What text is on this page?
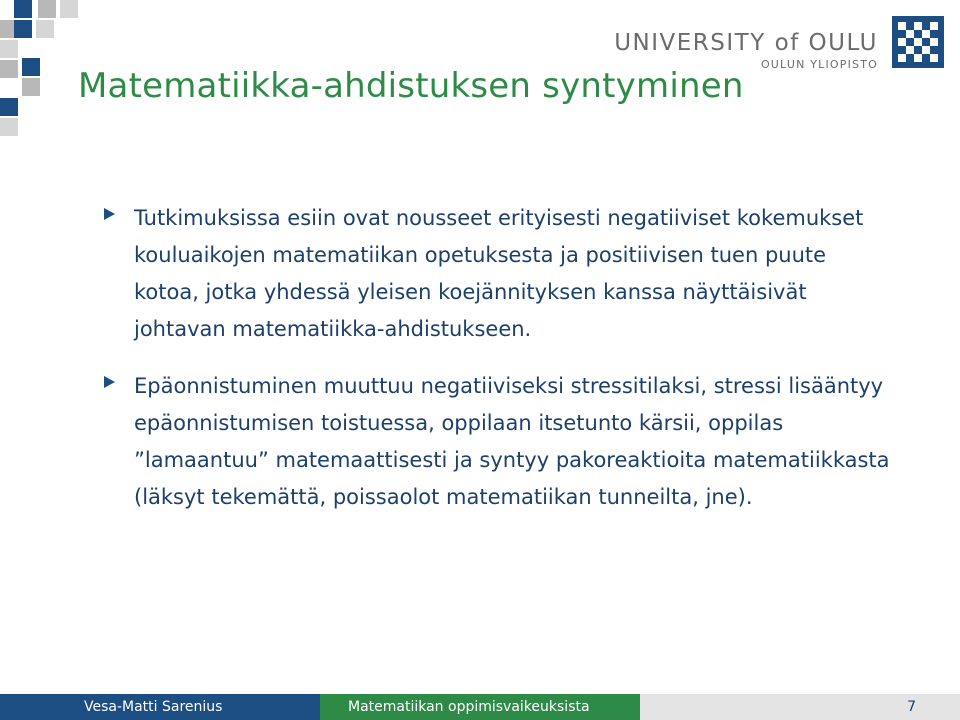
UNIVERSITY of OULU
OULUN YLIOPISTO
Matematiikka-ahdistuksen syntyminen
Tutkimuksissa esiin ovat nousseet erityisesti negatiiviset kokemukset kouluaikojen matematiikan opetuksesta ja positiivisen tuen puute kotoa, jotka yhdessä yleisen koejännityksen kanssa näyttäisivät johtavan matematiikka-ahdistukseen.
Epäonnistuminen muuttuu negatiiviseksi stressitilaksi, stressi lisääntyy epäonnistumisen toistuessa, oppilaan itsetunto kärsii, oppilas ”lamaantuu” matemaattisesti ja syntyy pakoreaktioita matematiikkasta (läksyt tekemättä, poissaolot matematiikan tunneilta, jne).
Vesa-Matti Sarenius	Matematiikan oppimisvaikeuksista	7
